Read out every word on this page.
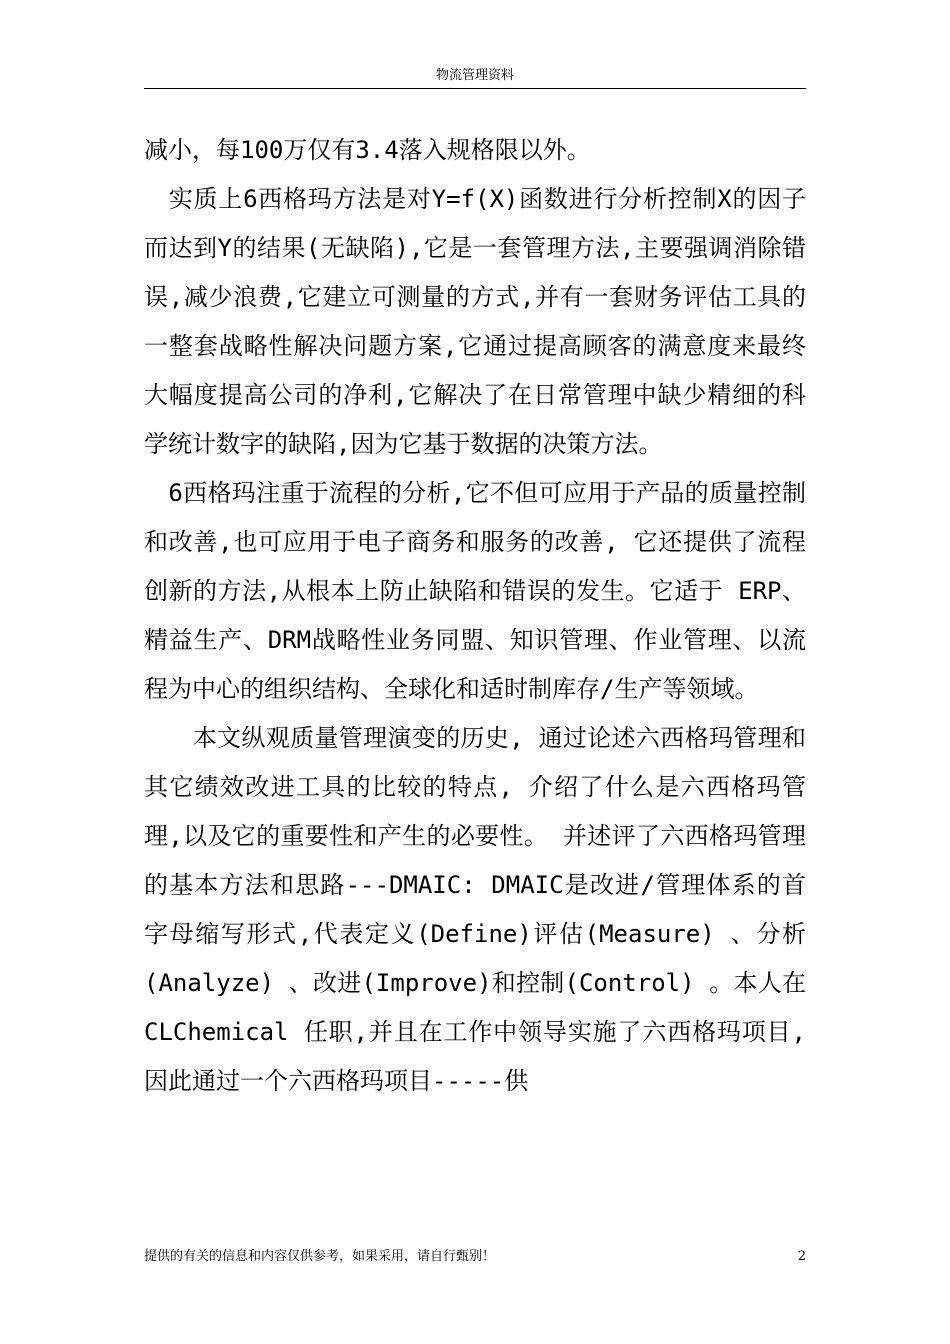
物流管理资料

减小，每100万仅有3.4落入规格限以外。

　实质上6西格玛方法是对Y=f(X)函数进行分析控制X的因子而达到Y的结果(无缺陷),它是一套管理方法,主要强调消除错误,减少浪费,它建立可测量的方式,并有一套财务评估工具的一整套战略性解决问题方案,它通过提高顾客的满意度来最终大幅度提高公司的净利,它解决了在日常管理中缺少精细的科学统计数字的缺陷,因为它基于数据的决策方法。

　6西格玛注重于流程的分析,它不但可应用于产品的质量控制和改善,也可应用于电子商务和服务的改善, 它还提供了流程创新的方法,从根本上防止缺陷和错误的发生。它适于 ERP、精益生产、DRM战略性业务同盟、知识管理、作业管理、以流程为中心的组织结构、全球化和适时制库存/生产等领域。

　　本文纵观质量管理演变的历史, 通过论述六西格玛管理和其它绩效改进工具的比较的特点, 介绍了什么是六西格玛管理,以及它的重要性和产生的必要性。 并述评了六西格玛管理的基本方法和思路---DMAIC: DMAIC是改进/管理体系的首字母缩写形式,代表定义(Define)评估(Measure) 、分析(Analyze) 、改进(Improve)和控制(Control) 。本人在CLChemical 任职,并且在工作中领导实施了六西格玛项目,因此通过一个六西格玛项目-----供

提供的有关的信息和内容仅供参考，如果采用，请自行甄别！	2
